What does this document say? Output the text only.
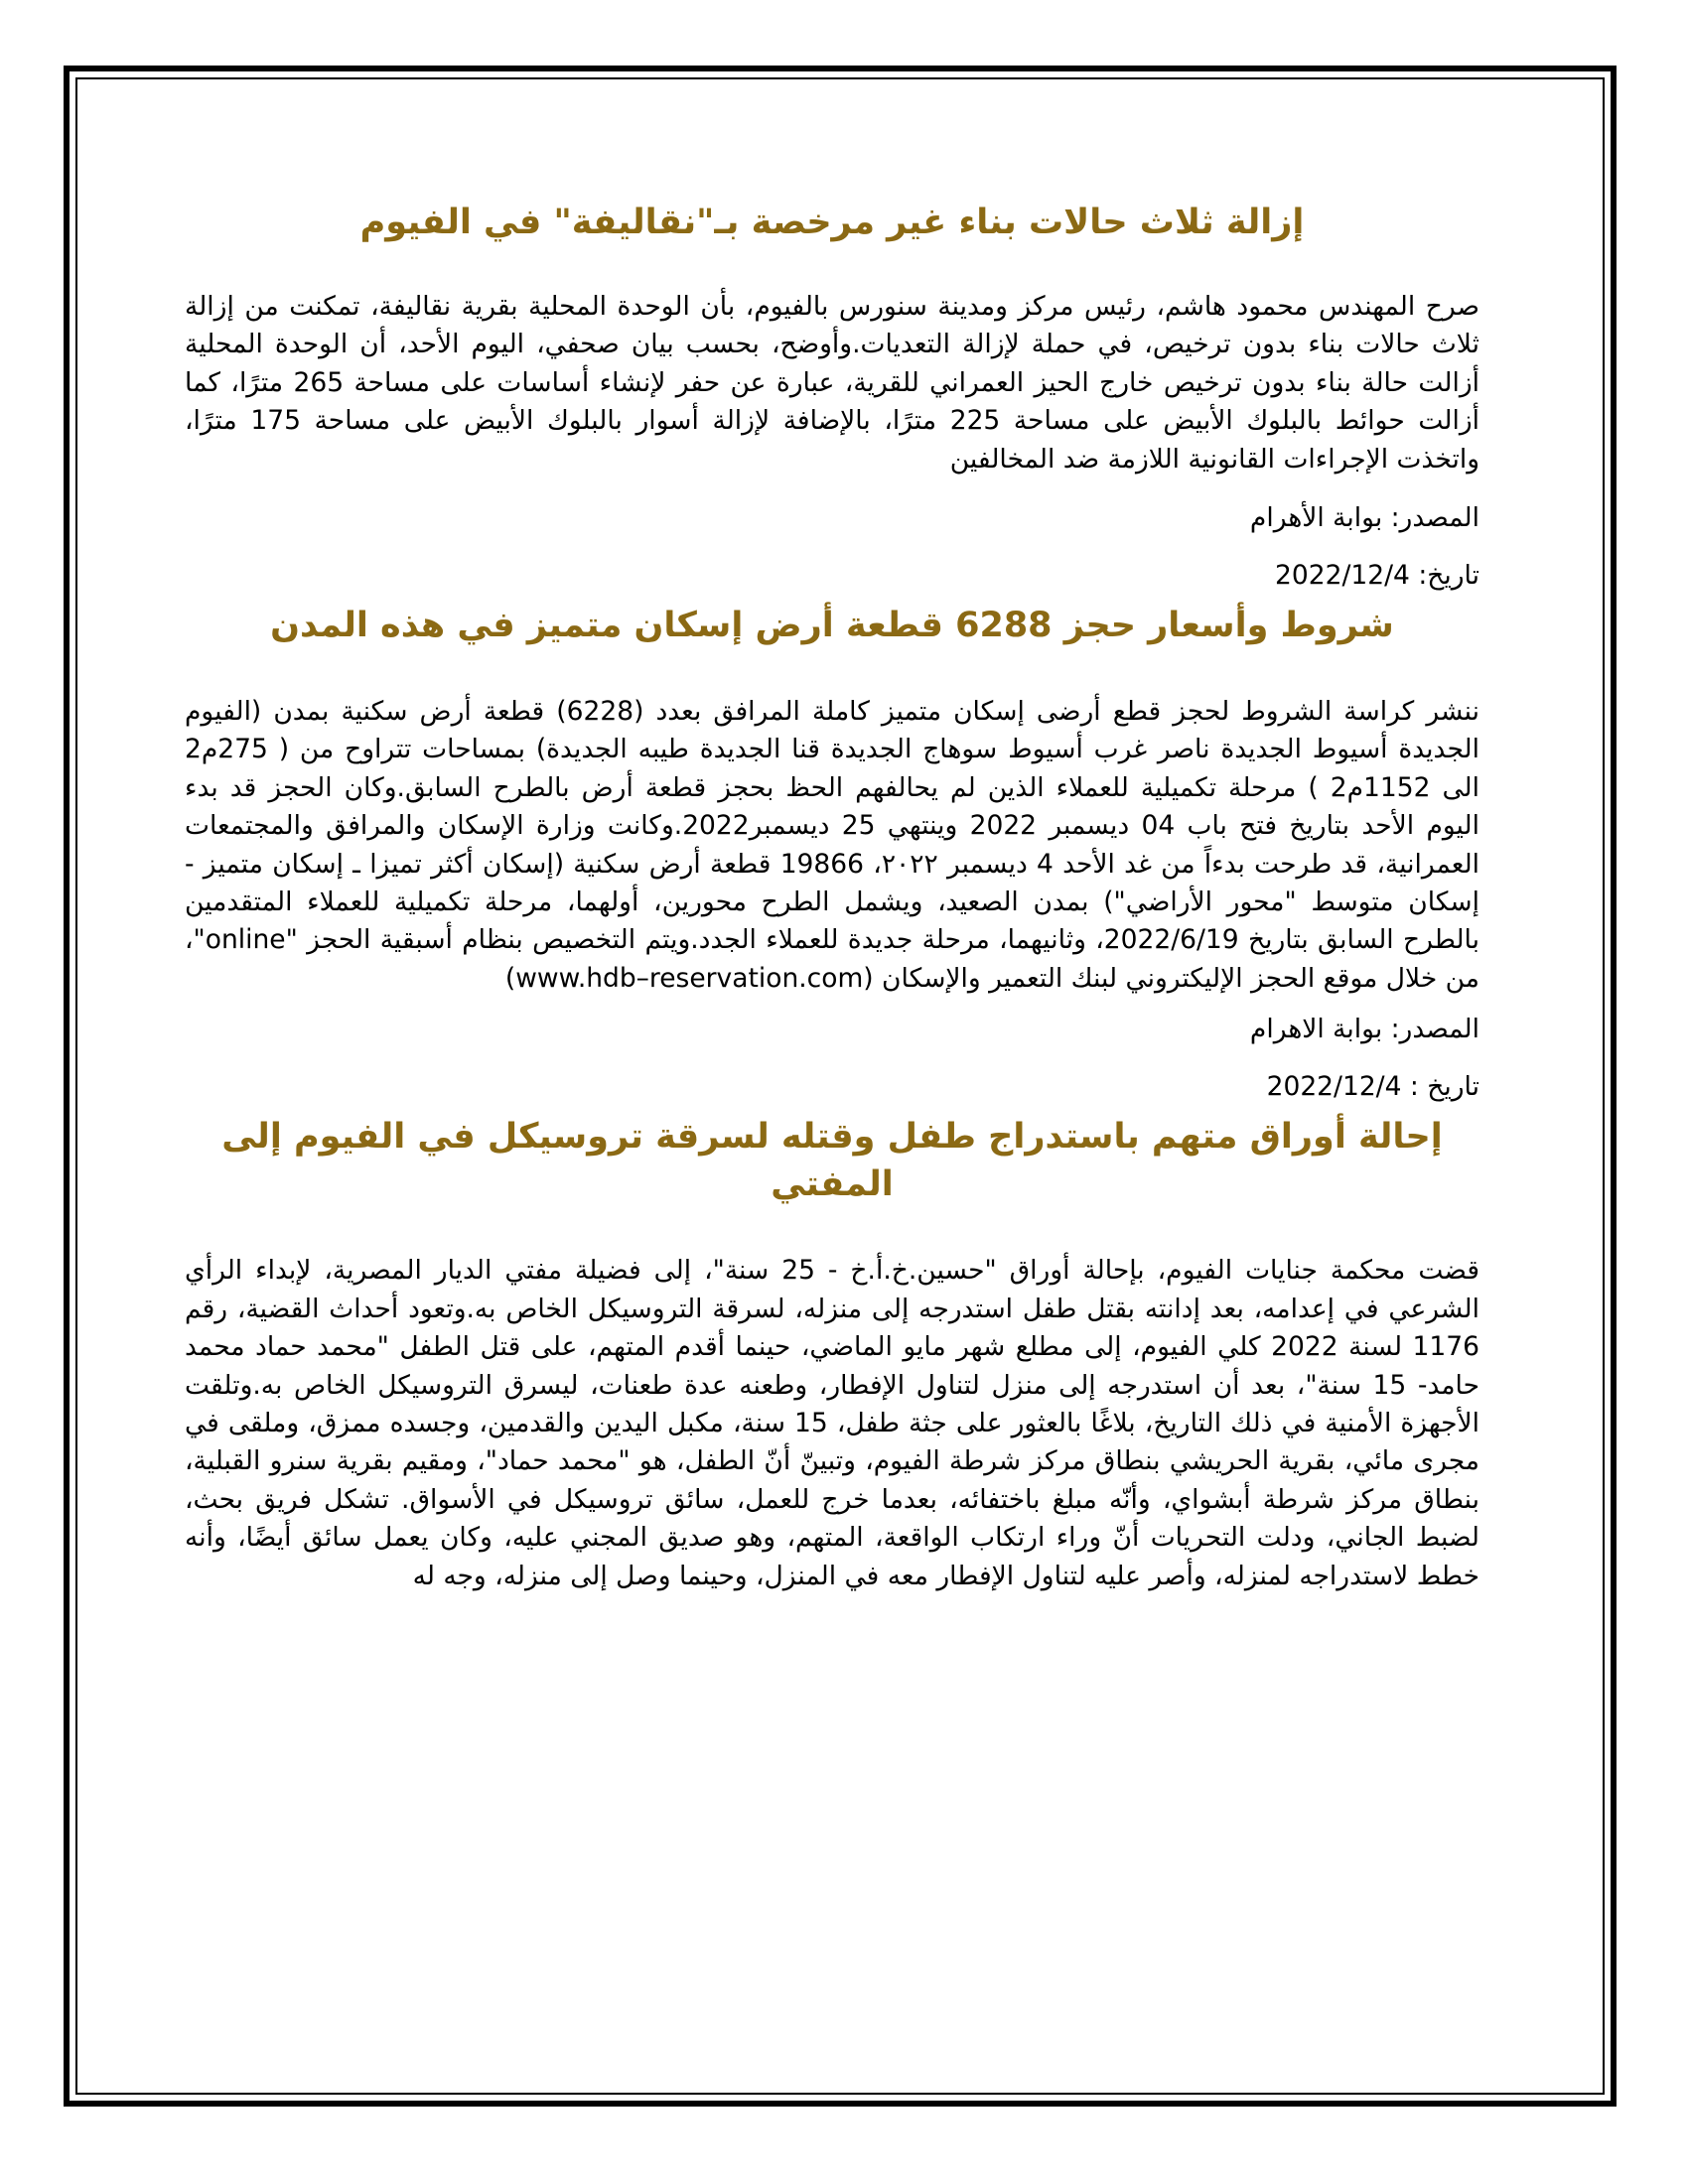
إزالة ثلاث حالات بناء غير مرخصة بـ"نقاليفة" في الفيوم

صرح المهندس محمود هاشم، رئيس مركز ومدينة سنورس بالفيوم، بأن الوحدة المحلية بقرية نقاليفة، تمكنت من إزالة ثلاث حالات بناء بدون ترخيص، في حملة لإزالة التعديات.وأوضح، بحسب بيان صحفي، اليوم الأحد، أن الوحدة المحلية أزالت حالة بناء بدون ترخيص خارج الحيز العمراني للقرية، عبارة عن حفر لإنشاء أساسات على مساحة 265 مترًا، كما أزالت حوائط بالبلوك الأبيض على مساحة 225 مترًا، بالإضافة لإزالة أسوار بالبلوك الأبيض على مساحة 175 مترًا، واتخذت الإجراءات القانونية اللازمة ضد المخالفين

المصدر: بوابة الأهرام

تاريخ: 2022/12/4

شروط وأسعار حجز 6288 قطعة أرض إسكان متميز في هذه المدن

ننشر كراسة الشروط لحجز قطع أرضى إسكان متميز كاملة المرافق بعدد (6228) قطعة أرض سكنية بمدن (الفيوم الجديدة أسيوط الجديدة ناصر غرب أسيوط سوهاج الجديدة قنا الجديدة طيبه الجديدة) بمساحات تتراوح من ( 275م2 الى 1152م2 ) مرحلة تكميلية للعملاء الذين لم يحالفهم الحظ بحجز قطعة أرض بالطرح السابق.وكان الحجز قد بدء اليوم الأحد بتاريخ فتح باب 04 ديسمبر 2022 وينتهي 25 ديسمبر2022.وكانت وزارة الإسكان والمرافق والمجتمعات العمرانية، قد طرحت بدءاً من غد الأحد 4 ديسمبر ٢٠٢٢، 19866 قطعة أرض سكنية (إسكان أكثر تميزا ـ إسكان متميز - إسكان متوسط "محور الأراضي") بمدن الصعيد، ويشمل الطرح محورين، أولهما، مرحلة تكميلية للعملاء المتقدمين بالطرح السابق بتاريخ 2022/6/19، وثانيهما، مرحلة جديدة للعملاء الجدد.ويتم التخصيص بنظام أسبقية الحجز "online"، من خلال موقع الحجز الإليكتروني لبنك التعمير والإسكان (www.hdb–reservation.com)

المصدر: بوابة الاهرام

تاريخ : 2022/12/4

إحالة أوراق متهم باستدراج طفل وقتله لسرقة تروسيكل في الفيوم إلى المفتي

قضت محكمة جنايات الفيوم، بإحالة أوراق "حسين.خ.أ.خ - 25 سنة"، إلى فضيلة مفتي الديار المصرية، لإبداء الرأي الشرعي في إعدامه، بعد إدانته بقتل طفل استدرجه إلى منزله، لسرقة التروسيكل الخاص به.وتعود أحداث القضية، رقم 1176 لسنة 2022 كلي الفيوم، إلى مطلع شهر مايو الماضي، حينما أقدم المتهم، على قتل الطفل "محمد حماد محمد حامد- 15 سنة"، بعد أن استدرجه إلى منزل لتناول الإفطار، وطعنه عدة طعنات، ليسرق التروسيكل الخاص به.وتلقت الأجهزة الأمنية في ذلك التاريخ، بلاغًا بالعثور على جثة طفل، 15 سنة، مكبل اليدين والقدمين، وجسده ممزق، وملقى في مجرى مائي، بقرية الحريشي بنطاق مركز شرطة الفيوم، وتبينّ أنّ الطفل، هو "محمد حماد"، ومقيم بقرية سنرو القبلية، بنطاق مركز شرطة أبشواي، وأنّه مبلغ باختفائه، بعدما خرج للعمل، سائق تروسيكل في الأسواق. تشكل فريق بحث، لضبط الجاني، ودلت التحريات أنّ وراء ارتكاب الواقعة، المتهم، وهو صديق المجني عليه، وكان يعمل سائق أيضًا، وأنه خطط لاستدراجه لمنزله، وأصر عليه لتناول الإفطار معه في المنزل، وحينما وصل إلى منزله، وجه له
